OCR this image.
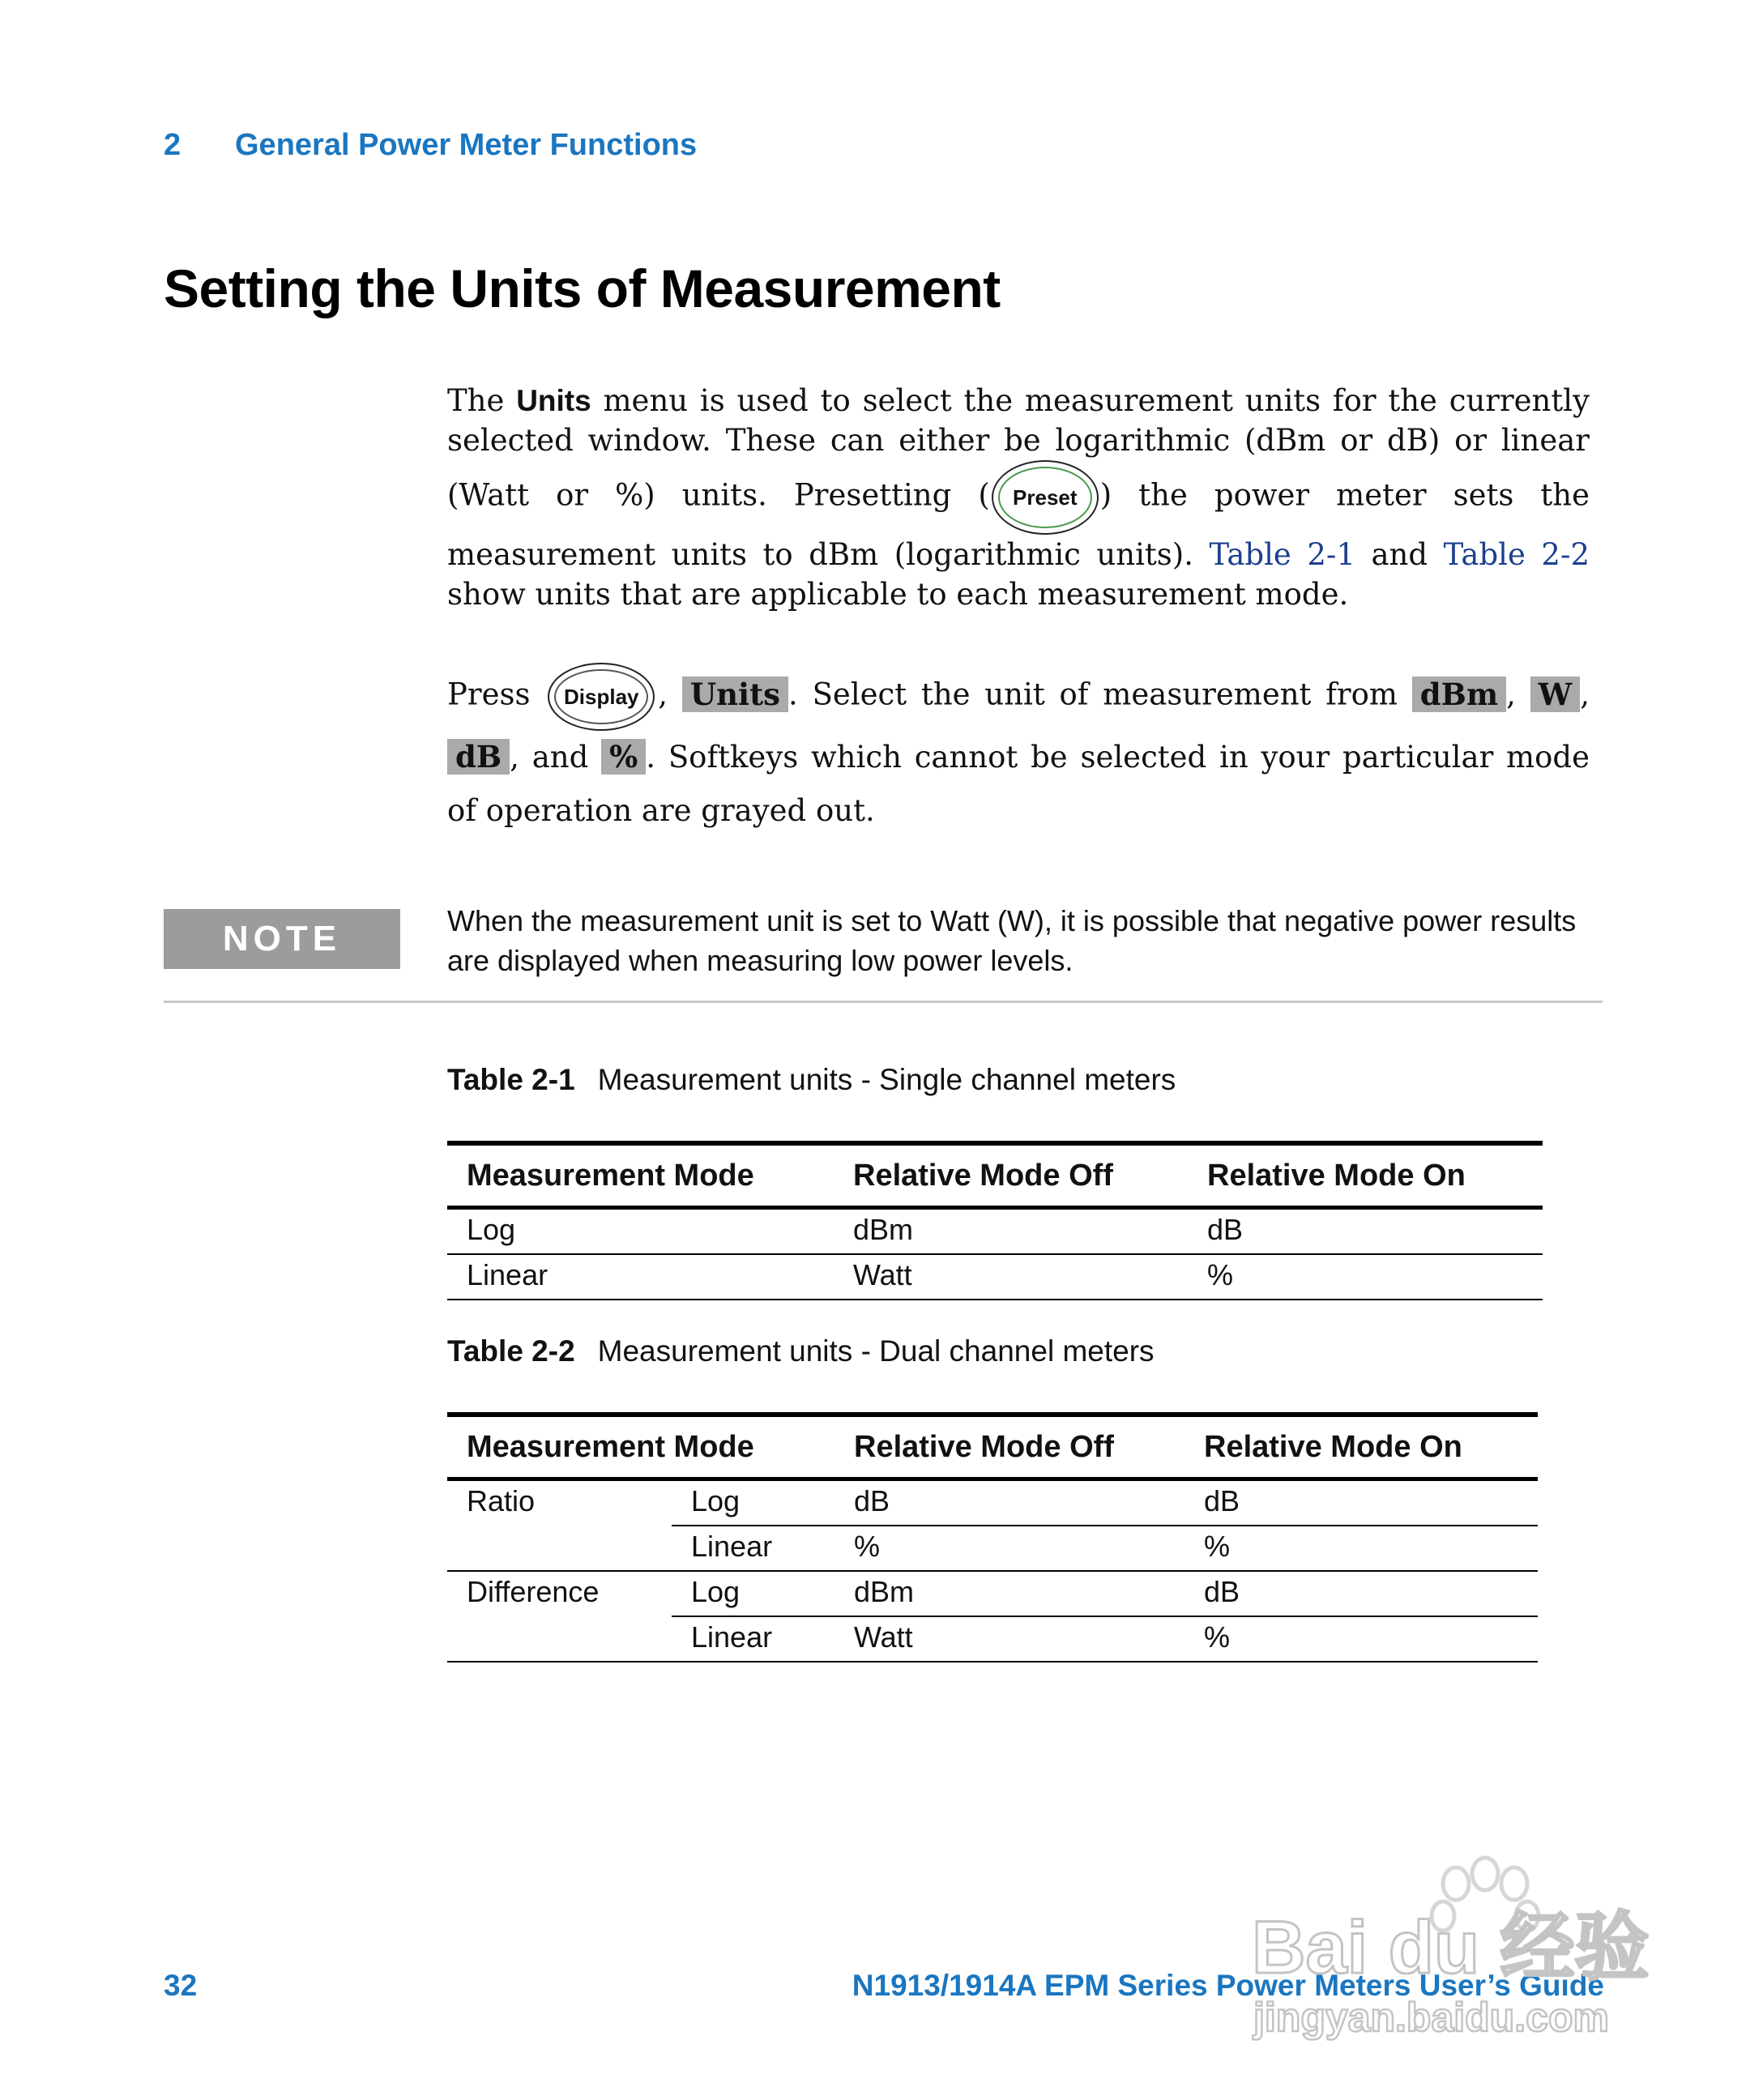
2 General Power Meter Functions
Setting the Units of Measurement

The Units menu is used to select the measurement units for the currently selected window. These can either be logarithmic (dBm or dB) or linear (Watt or %) units. Presetting (	Preset ) the power meter sets the measurement units to dBm (logarithmic units). Table 2-1 and Table 2-2 show units that are applicable to each measurement mode.

Press Display , Units . Select the unit of measurement from dBm , W , dB , and % . Softkeys which cannot be selected in your particular mode of operation are grayed out.

NOTE	When the measurement unit is set to Watt (W), it is possible that negative power results are displayed when measuring low power levels.

Table 2-1 Measurement units - Single channel meters
Measurement Mode	Relative Mode Off	Relative Mode On
Log	dBm	dB
Linear	Watt	%
Table 2-2 Measurement units - Dual channel meters
Measurement Mode		Relative Mode Off	Relative Mode On
Ratio	Log	dB	dB
	Linear	%	%
Difference	Log	dBm	dB
	Linear	Watt	%
32	N1913/1914A EPM Series Power Meters User’s Guide
Bai du 经验
jingyan.baidu.com
